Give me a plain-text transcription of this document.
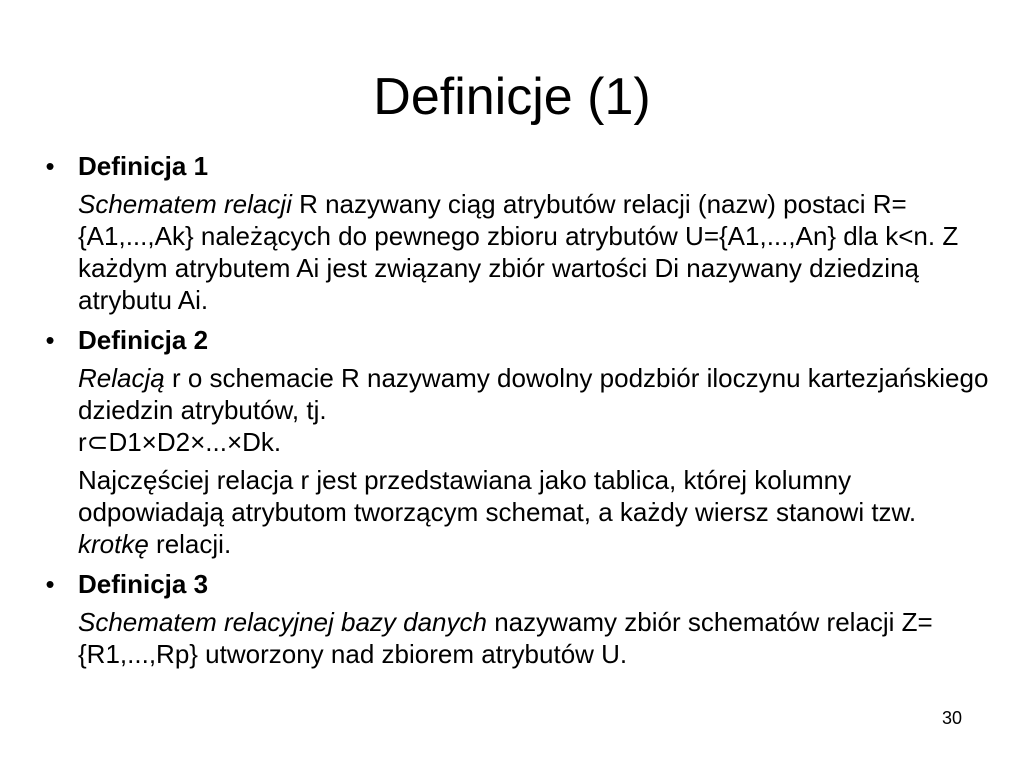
Definicje (1)
• Definicja 1
Schematem relacji R nazywany ciąg atrybutów relacji (nazw) postaci R={A1,...,Ak} należących do pewnego zbioru atrybutów U={A1,...,An} dla k<n. Z każdym atrybutem Ai jest związany zbiór wartości Di nazywany dziedziną atrybutu Ai.
• Definicja 2
Relacją r o schemacie R nazywamy dowolny podzbiór iloczynu kartezjańskiego dziedzin atrybutów, tj.
r⊂D1×D2×...×Dk.
Najczęściej relacja r jest przedstawiana jako tablica, której kolumny odpowiadają atrybutom tworzącym schemat, a każdy wiersz stanowi tzw. krotkę relacji.
• Definicja 3
Schematem relacyjnej bazy danych nazywamy zbiór schematów relacji Z={R1,...,Rp} utworzony nad zbiorem atrybutów U.
30
